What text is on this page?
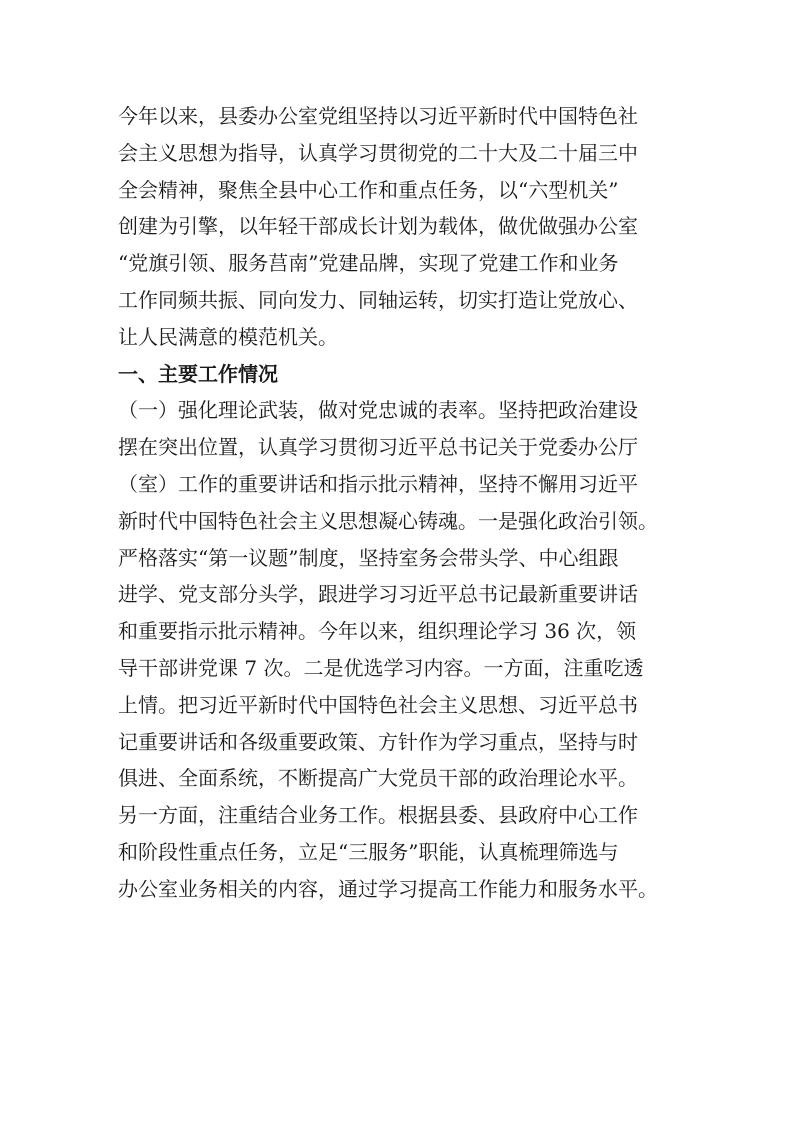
今年以来，县委办公室党组坚持以习近平新时代中国特色社
会主义思想为指导，认真学习贯彻党的二十大及二十届三中
全会精神，聚焦全县中心工作和重点任务，以“六型机关”
创建为引擎，以年轻干部成长计划为载体，做优做强办公室
“党旗引领、服务莒南”党建品牌，实现了党建工作和业务
工作同频共振、同向发力、同轴运转，切实打造让党放心、
让人民满意的模范机关。
一、主要工作情况
（一）强化理论武装，做对党忠诚的表率。坚持把政治建设
摆在突出位置，认真学习贯彻习近平总书记关于党委办公厅
（室）工作的重要讲话和指示批示精神，坚持不懈用习近平
新时代中国特色社会主义思想凝心铸魂。一是强化政治引领。
严格落实“第一议题”制度，坚持室务会带头学、中心组跟
进学、党支部分头学，跟进学习习近平总书记最新重要讲话
和重要指示批示精神。今年以来，组织理论学习 36 次，领
导干部讲党课 7 次。二是优选学习内容。一方面，注重吃透
上情。把习近平新时代中国特色社会主义思想、习近平总书
记重要讲话和各级重要政策、方针作为学习重点，坚持与时
俱进、全面系统，不断提高广大党员干部的政治理论水平。
另一方面，注重结合业务工作。根据县委、县政府中心工作
和阶段性重点任务，立足“三服务”职能，认真梳理筛选与
办公室业务相关的内容，通过学习提高工作能力和服务水平。
